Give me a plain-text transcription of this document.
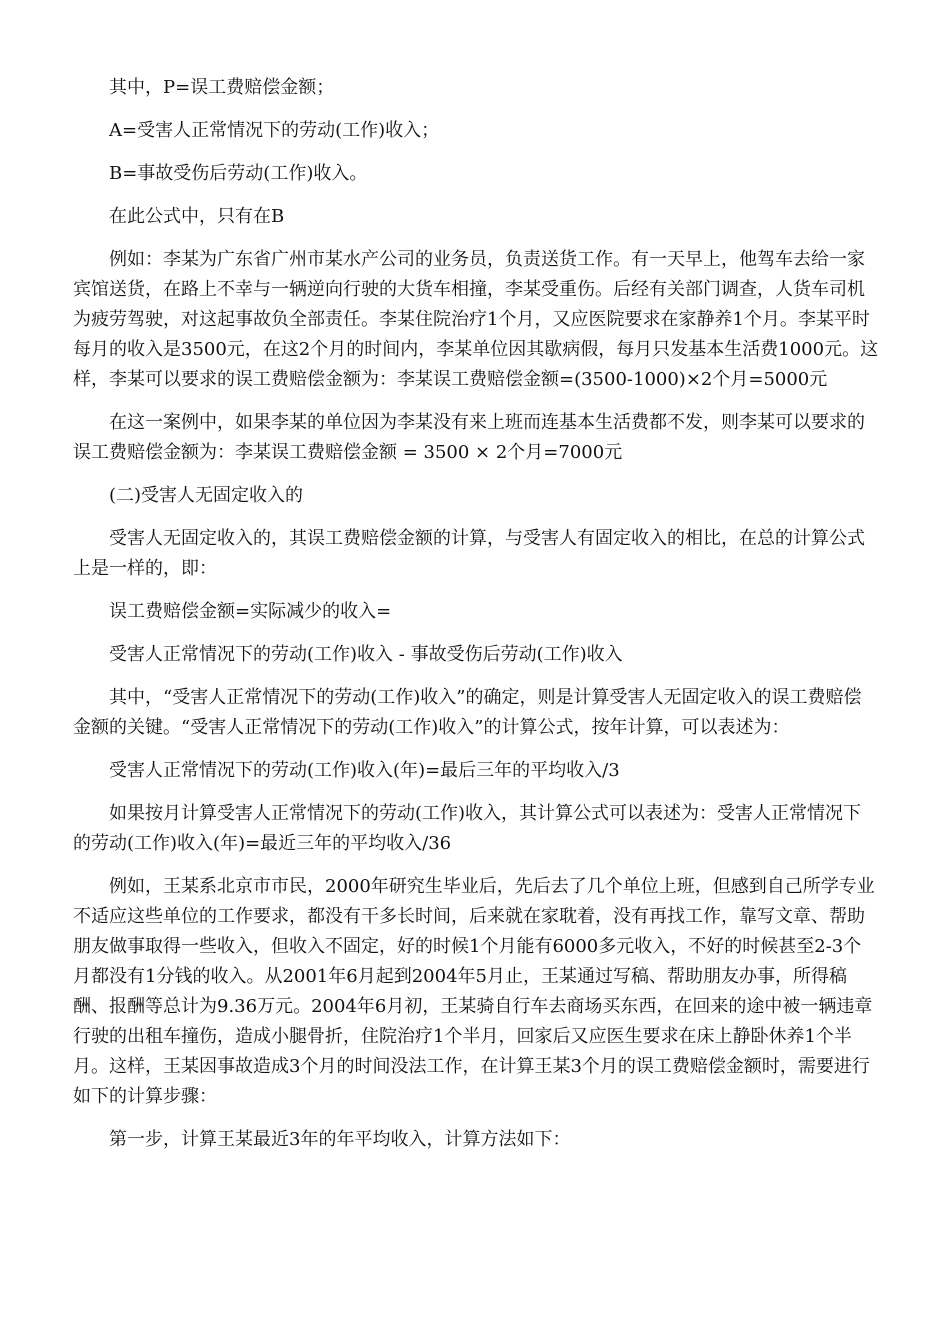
其中，P=误工费赔偿金额；

A=受害人正常情况下的劳动(工作)收入；

B=事故受伤后劳动(工作)收入。

在此公式中，只有在B

例如：李某为广东省广州市某水产公司的业务员，负责送货工作。有一天早上，他驾车去给一家宾馆送货，在路上不幸与一辆逆向行驶的大货车相撞，李某受重伤。后经有关部门调查，人货车司机为疲劳驾驶，对这起事故负全部责任。李某住院治疗1个月，又应医院要求在家静养1个月。李某平时每月的收入是3500元，在这2个月的时间内，李某单位因其歇病假，每月只发基本生活费1000元。这样，李某可以要求的误工费赔偿金额为：李某误工费赔偿金额=(3500-1000)×2个月=5000元

在这一案例中，如果李某的单位因为李某没有来上班而连基本生活费都不发，则李某可以要求的误工费赔偿金额为：李某误工费赔偿金额 = 3500 × 2个月=7000元

(二)受害人无固定收入的

受害人无固定收入的，其误工费赔偿金额的计算，与受害人有固定收入的相比，在总的计算公式上是一样的，即：

误工费赔偿金额=实际减少的收入=

受害人正常情况下的劳动(工作)收入 - 事故受伤后劳动(工作)收入

其中，“受害人正常情况下的劳动(工作)收入”的确定，则是计算受害人无固定收入的误工费赔偿金额的关键。“受害人正常情况下的劳动(工作)收入”的计算公式，按年计算，可以表述为：

受害人正常情况下的劳动(工作)收入(年)=最后三年的平均收入/3

如果按月计算受害人正常情况下的劳动(工作)收入，其计算公式可以表述为：受害人正常情况下的劳动(工作)收入(年)=最近三年的平均收入/36

例如，王某系北京市市民，2000年研究生毕业后，先后去了几个单位上班，但感到自己所学专业不适应这些单位的工作要求，都没有干多长时间，后来就在家耽着，没有再找工作，靠写文章、帮助朋友做事取得一些收入，但收入不固定，好的时候1个月能有6000多元收入，不好的时候甚至2-3个月都没有1分钱的收入。从2001年6月起到2004年5月止，王某通过写稿、帮助朋友办事，所得稿酬、报酬等总计为9.36万元。2004年6月初，王某骑自行车去商场买东西，在回来的途中被一辆违章行驶的出租车撞伤，造成小腿骨折，住院治疗1个半月，回家后又应医生要求在床上静卧休养1个半月。这样，王某因事故造成3个月的时间没法工作，在计算王某3个月的误工费赔偿金额时，需要进行如下的计算步骤：

第一步，计算王某最近3年的年平均收入，计算方法如下：
